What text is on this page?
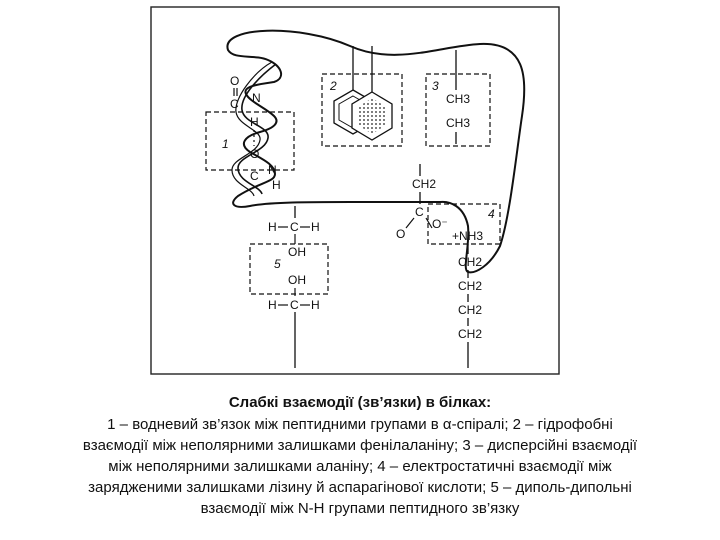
O
C N
H
O
C N
H
1
2	3
CH3
CH3
CH2
C
O
4
O⁻
+NH3
CH2
CH2
CH2
CH2
H C H
OH
5
OH
H C H
Слабкі взаємодії (зв’язки) в білках:
1 – водневий зв’язок між пептидними групами в α-спіралі; 2 – гідрофобні
взаємодії між неполярними залишками фенілаланіну; 3 – дисперсійні взаємодії
між неполярними залишками аланіну; 4 – електростатичні взаємодії між
зарядженими залишками лізину й аспарагінової кислоти; 5 – диполь-дипольні
взаємодії між N-H групами пептидного зв’язку
